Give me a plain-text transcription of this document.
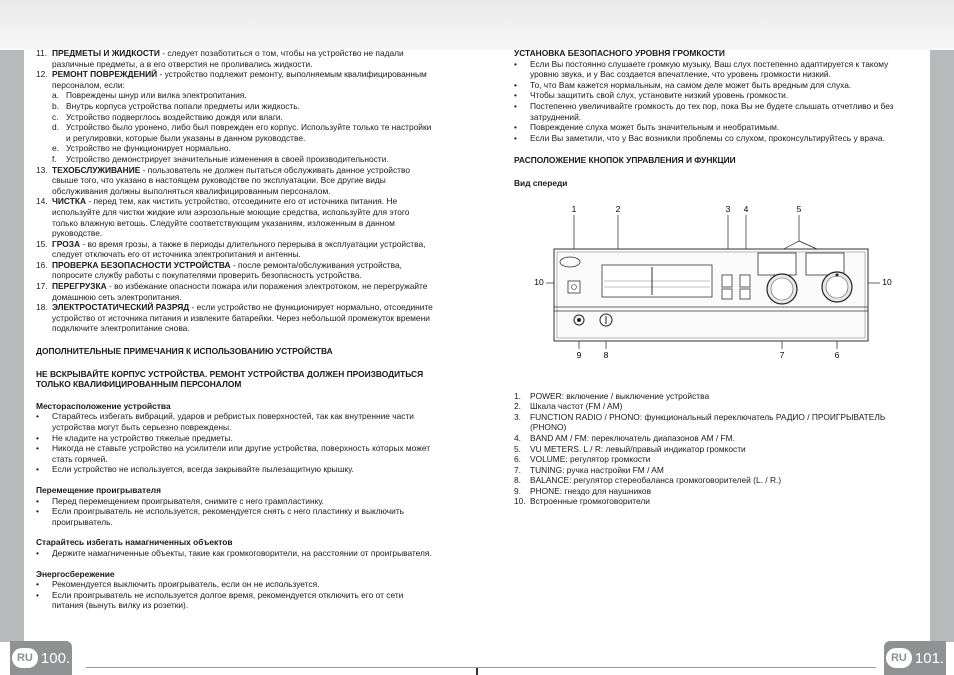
RU 100.	RU 101.
11. ПРЕДМЕТЫ И ЖИДКОСТИ - следует позаботиться о том, чтобы на устройство не падали различные предметы, а в его отверстия не проливались жидкости.
12. РЕМОНТ ПОВРЕЖДЕНИЙ - устройство подлежит ремонту, выполняемым квалифицированным персоналом, если:
a. Повреждены шнур или вилка электропитания.
b. Внутрь корпуса устройства попали предметы или жидкость.
c. Устройство подверглось воздействию дождя или влаги.
d. Устройство было уронено, либо был поврежден его корпус. Используйте только те настройки и регулировки, которые были указаны в данном руководстве.
e. Устройство не функционирует нормально.
f.	Устройство демонстрирует значительные изменения в своей производительности.
13. ТЕХОБСЛУЖИВАНИЕ - пользователь не должен пытаться обслуживать данное устройство свыше того, что указано в настоящем руководстве по эксплуатации. Все другие виды обслуживания должны выполняться квалифицированным персоналом.
14. ЧИСТКА - перед тем, как чистить устройство, отсоедините его от источника питания. Не используйте для чистки жидкие или аэрозольные моющие средства, используйте для этого только влажную ветошь. Следуйте соответствующим указаниям, изложенным в данном руководстве.
15. ГРОЗА - во время грозы, а также в периоды длительного перерыва в эксплуатации устройства, следует отключать его от источника электропитания и антенны.
16. ПРОВЕРКА БЕЗОПАСНОСТИ УСТРОЙСТВА - после ремонта/обслуживания устройства, попросите службу работы с покупателями проверить безопасность устройства.
17. ПЕРЕГРУЗКА - во избежание опасности пожара или поражения электротоком, не перегружайте домашнюю сеть электропитания.
18. ЭЛЕКТРОСТАТИЧЕСКИЙ РАЗРЯД - если устройство не функционирует нормально, отсоедините устройство от источника питания и извлеките батарейки. Через небольшой промежуток времени подключите электропитание снова.
ДОПОЛНИТЕЛЬНЫЕ ПРИМЕЧАНИЯ К ИСПОЛЬЗОВАНИЮ УСТРОЙСТВА
НЕ ВСКРЫВАЙТЕ КОРПУС УСТРОЙСТВА. РЕМОНТ УСТРОЙСТВА ДОЛЖЕН ПРОИЗВОДИТЬСЯ ТОЛЬКО КВАЛИФИЦИРОВАННЫМ ПЕРСОНАЛОМ
Месторасположение устройства
•	Старайтесь избегать вибраций, ударов и ребристых поверхностей, так как внутренние части устройства могут быть серьезно повреждены.
•	Не кладите на устройство тяжелые предметы.
•	Никогда не ставьте устройство на усилители или другие устройства, поверхность которых может стать горячей.
•	Если устройство не используется, всегда закрывайте пылезащитную крышку.
Перемещение проигрывателя
•	Перед перемещением проигрывателя, снимите с него грампластинку.
•	Если проигрыватель не используется, рекомендуется снять с него пластинку и выключить проигрыватель.
Старайтесь избегать намагниченных объектов
•	Держите намагниченные объекты, такие как громкоговорители, на расстоянии от проигрывателя.
Энергосбережение
•	Рекомендуется выключить проигрыватель, если он не используется.
•	Если проигрыватель не используется долгое время, рекомендуется отключить его от сети питания (вынуть вилку из розетки).
УСТАНОВКА БЕЗОПАСНОГО УРОВНЯ ГРОМКОСТИ
•	Если Вы постоянно слушаете громкую музыку, Ваш слух постепенно адаптируется к такому уровню звука, и у Вас создается впечатление, что уровень громкости низкий.
•	То, что Вам кажется нормальным, на самом деле может быть вредным для слуха.
•	Чтобы защитить свой слух, установите низкий уровень громкости.
•	Постепенно увеличивайте громкость до тех пор, пока Вы не будете слышать отчетливо и без затруднений.
•	Повреждение слуха может быть значительным и необратимым.
•	Если Вы заметили, что у Вас возникли проблемы со слухом, проконсультируйтесь у врача.
РАСПОЛОЖЕНИЕ КНОПОК УПРАВЛЕНИЯ И ФУНКЦИИ
Вид спереди
1	2	3 4	5
10	10
9	8	7	6
1.	POWER: включение / выключение устройства
2.	Шкала частот (FM / AM)
3.	FUNCTION RADIO / PHONO: функциональный переключатель РАДИО / ПРОИГРЫВАТЕЛЬ (PHONO)
4.	BAND AM / FM: переключатель диапазонов AM / FM.
5.	VU METERS. L / R: левый/правый индикатор громкости
6.	VOLUME: регулятор громкости
7.	TUNING: ручка настройки FM / AM
8.	BALANCE: регулятор стереобаланса громкоговорителей (L. / R.)
9.	PHONE: гнездо для наушников
10. Встроенные громкоговорители
